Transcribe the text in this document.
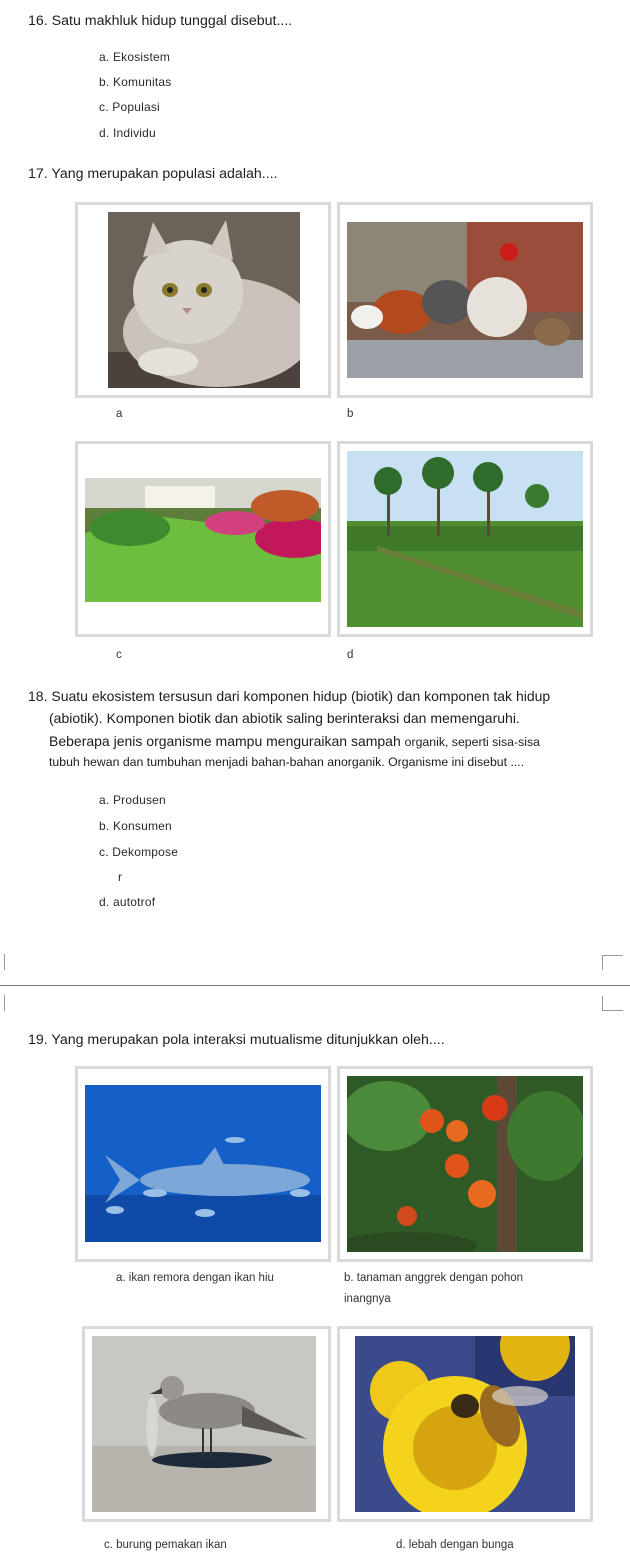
16. Satu makhluk hidup tunggal disebut....
a. Ekosistem
b. Komunitas
c. Populasi
d. Individu
17. Yang merupakan populasi adalah....
a	b
c	d
18. Suatu ekosistem tersusun dari komponen hidup (biotik) dan komponen tak hidup
(abiotik). Komponen biotik dan abiotik saling berinteraksi dan memengaruhi.
Beberapa jenis organisme mampu menguraikan sampah organik, seperti sisa-sisa
tubuh hewan dan tumbuhan menjadi bahan-bahan anorganik. Organisme ini disebut ....
a. Produsen
b. Konsumen
c. Dekompose
r
d. autotrof
19. Yang merupakan pola interaksi mutualisme ditunjukkan oleh....
a. ikan remora dengan ikan hiu	b. tanaman anggrek dengan pohon
inangnya
c. burung pemakan ikan	d. lebah dengan bunga
